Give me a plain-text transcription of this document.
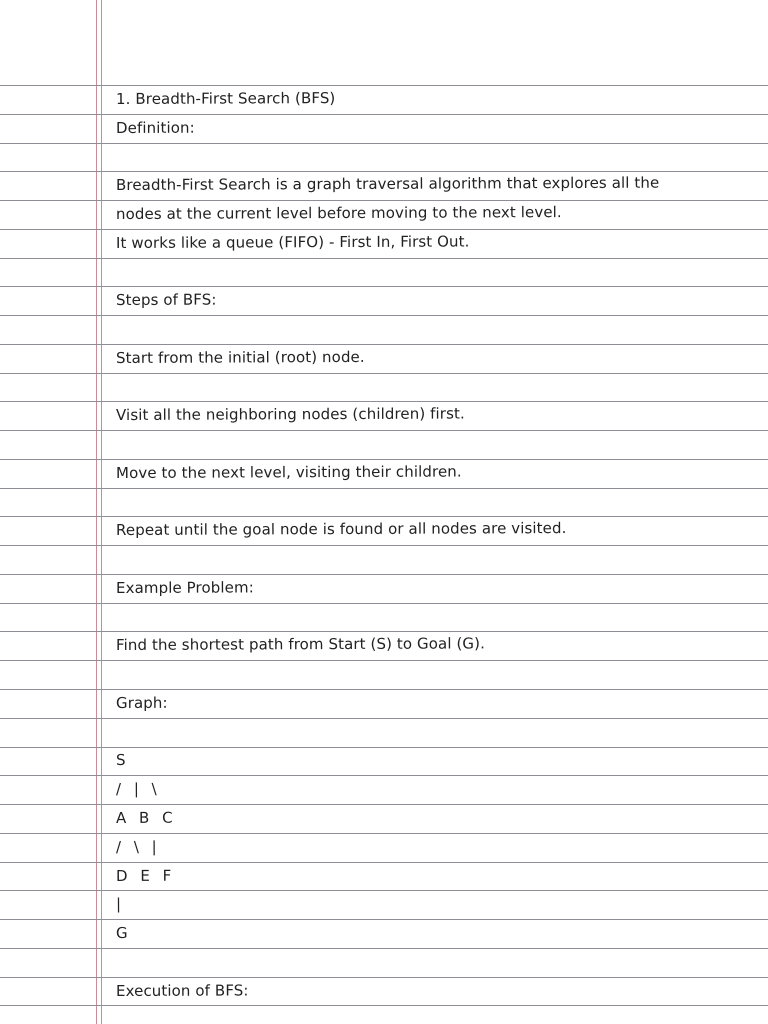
1. Breadth-First Search (BFS)
Definition:
Breadth-First Search is a graph traversal algorithm that explores all the
nodes at the current level before moving to the next level.
It works like a queue (FIFO) - First In, First Out.
Steps of BFS:
Start from the initial (root) node.
Visit all the neighboring nodes (children) first.
Move to the next level, visiting their children.
Repeat until the goal node is found or all nodes are visited.
Example Problem:
Find the shortest path from Start (S) to Goal (G).
Graph:
S
/ | \
A B C
/ \ |
D E F
|
G
Execution of BFS:
